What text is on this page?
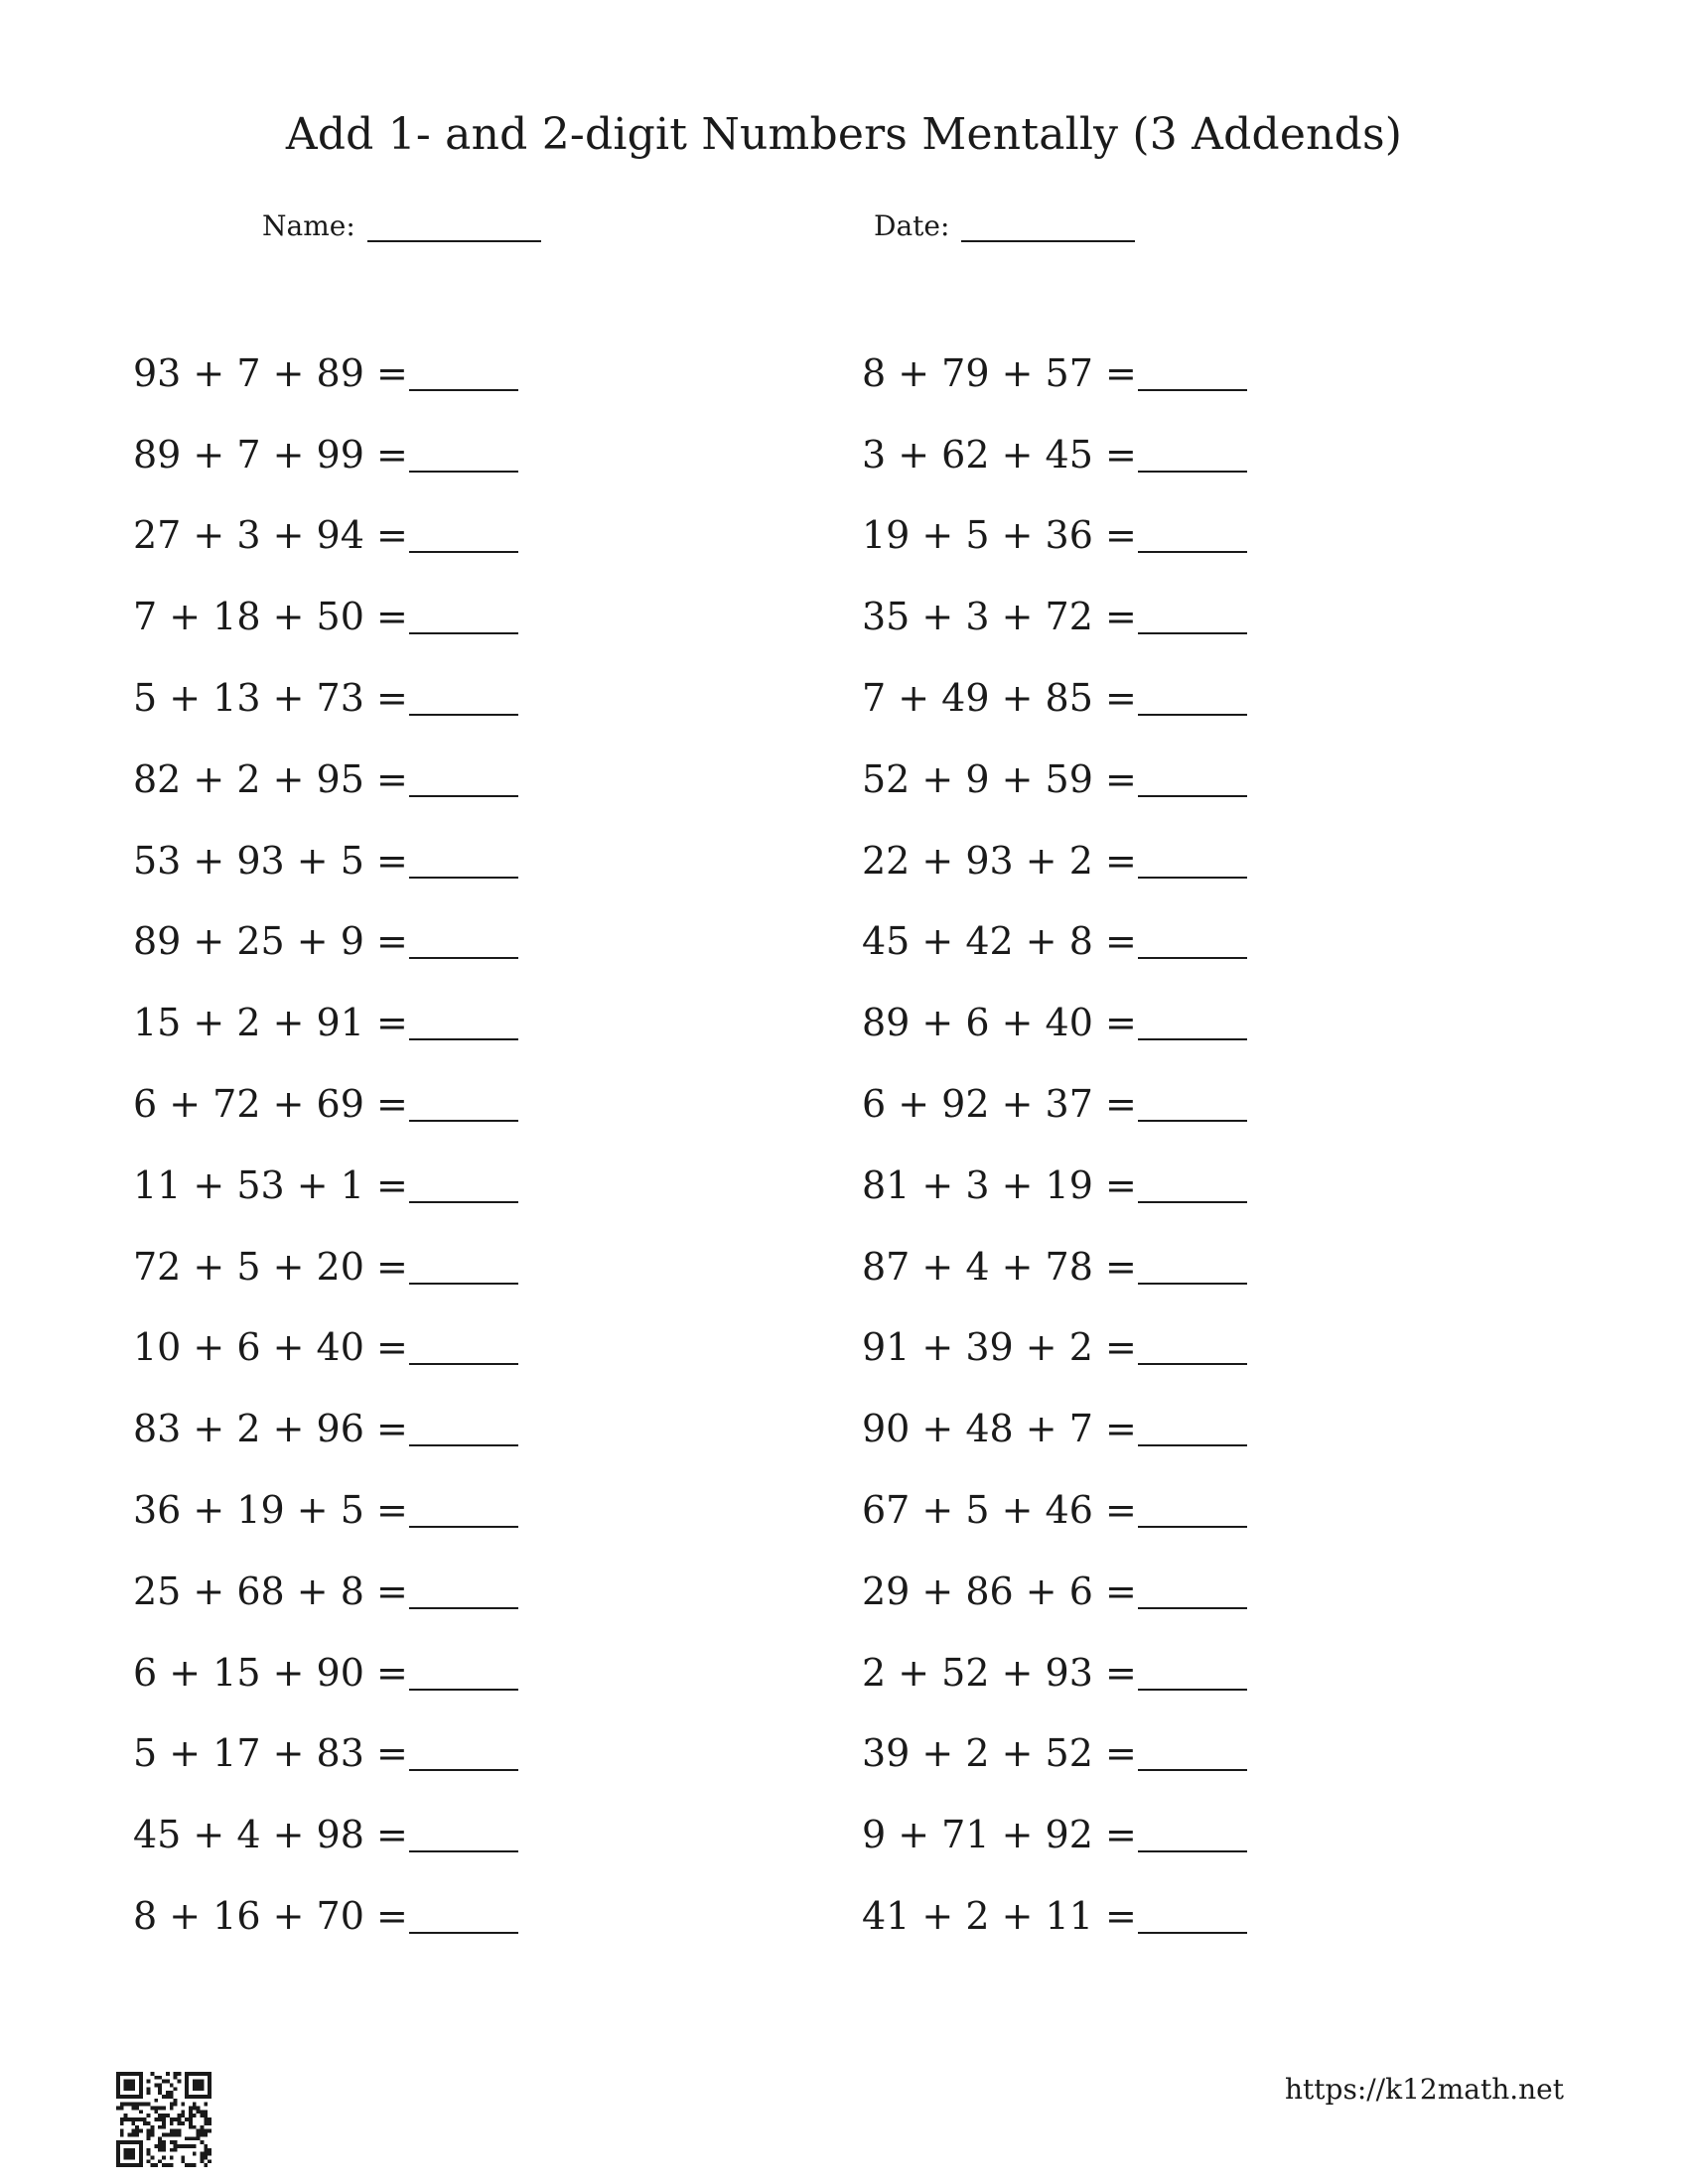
Add 1- and 2-digit Numbers Mentally (3 Addends)
Name:	Date:
93 + 7 + 89 =
89 + 7 + 99 =
27 + 3 + 94 =
7 + 18 + 50 =
5 + 13 + 73 =
82 + 2 + 95 =
53 + 93 + 5 =
89 + 25 + 9 =
15 + 2 + 91 =
6 + 72 + 69 =
11 + 53 + 1 =
72 + 5 + 20 =
10 + 6 + 40 =
83 + 2 + 96 =
36 + 19 + 5 =
25 + 68 + 8 =
6 + 15 + 90 =
5 + 17 + 83 =
45 + 4 + 98 =
8 + 16 + 70 =
8 + 79 + 57 =
3 + 62 + 45 =
19 + 5 + 36 =
35 + 3 + 72 =
7 + 49 + 85 =
52 + 9 + 59 =
22 + 93 + 2 =
45 + 42 + 8 =
89 + 6 + 40 =
6 + 92 + 37 =
81 + 3 + 19 =
87 + 4 + 78 =
91 + 39 + 2 =
90 + 48 + 7 =
67 + 5 + 46 =
29 + 86 + 6 =
2 + 52 + 93 =
39 + 2 + 52 =
9 + 71 + 92 =
41 + 2 + 11 =
https://k12math.net
